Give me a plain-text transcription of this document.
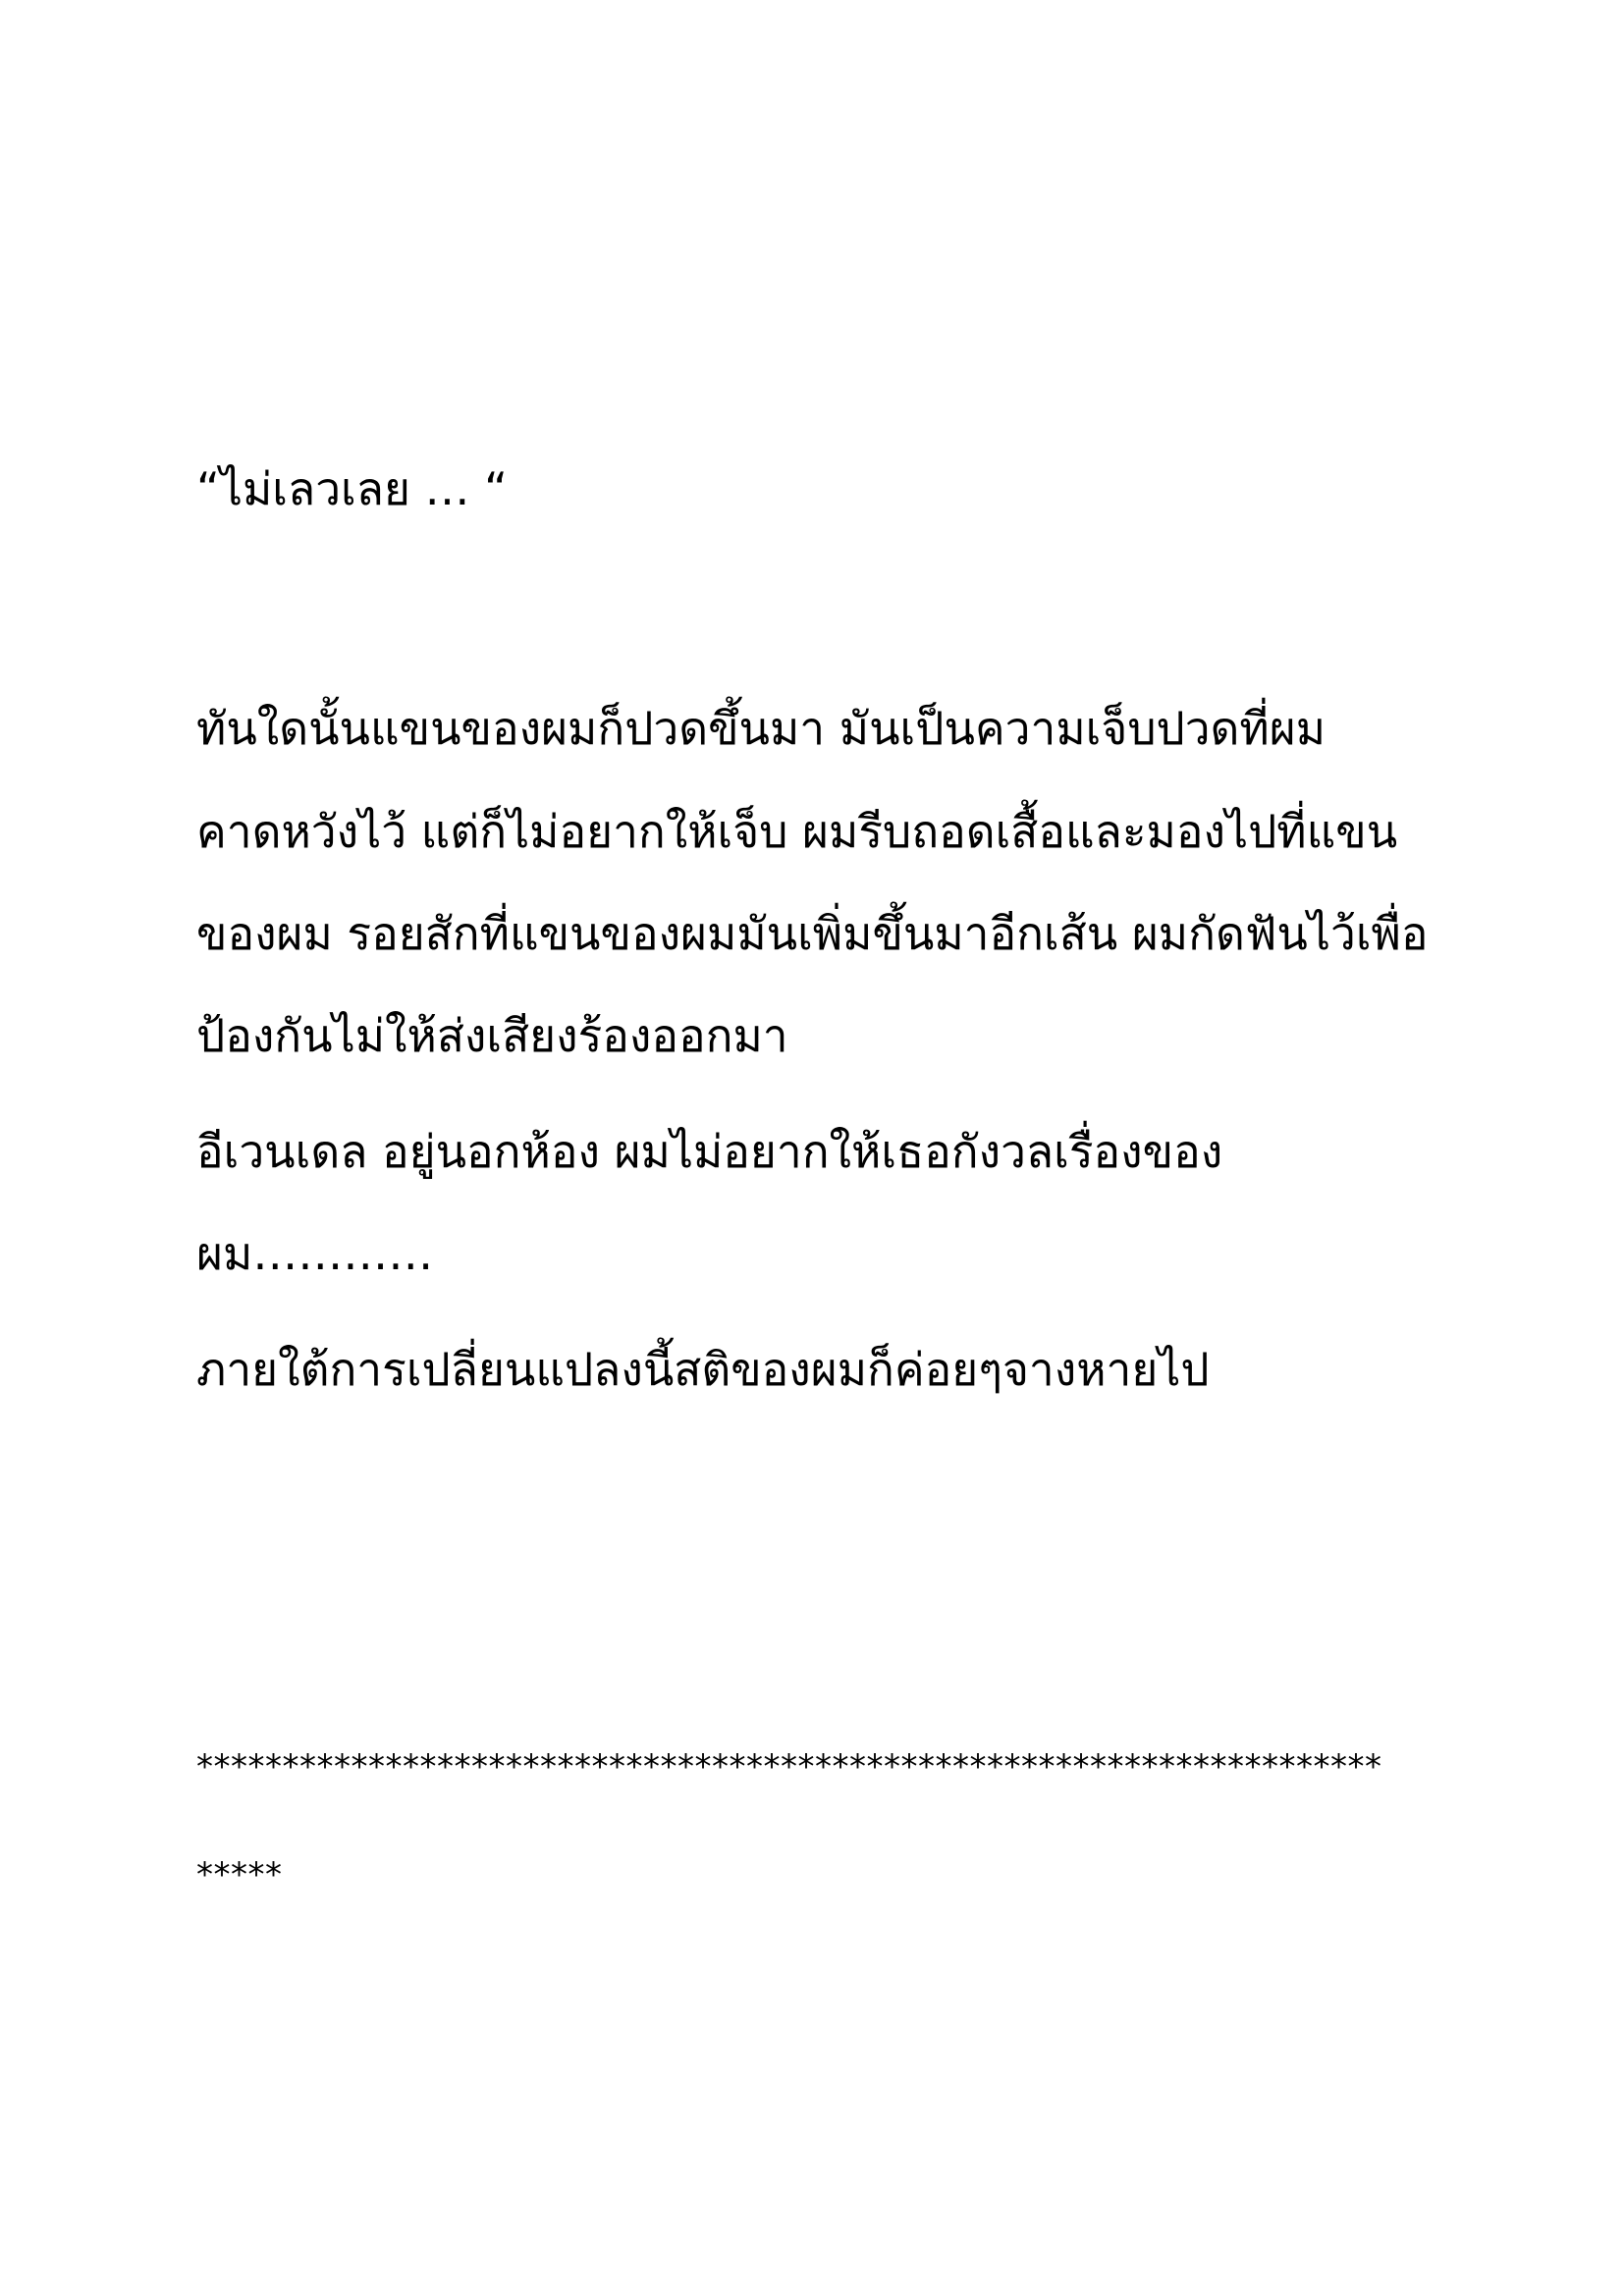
“ไม่เลวเลย … “
ทันใดนั้นแขนของผมก็ปวดขึ้นมา มันเป็นความเจ็บปวดที่ผม
คาดหวังไว้ แต่ก็ไม่อยากให้เจ็บ ผมรีบถอดเสื้อและมองไปที่แขน
ของผม รอยสักที่แขนของผมมันเพิ่มขึ้นมาอีกเส้น ผมกัดฟันไว้เพื่อ
ป้องกันไม่ให้ส่งเสียงร้องออกมา
อีเวนเดล อยู่นอกห้อง ผมไม่อยากให้เธอกังวลเรื่องของ
ผม…………
ภายใต้การเปลี่ยนแปลงนี้สติของผมก็ค่อยๆจางหายไป
*********************************************************************
*****
